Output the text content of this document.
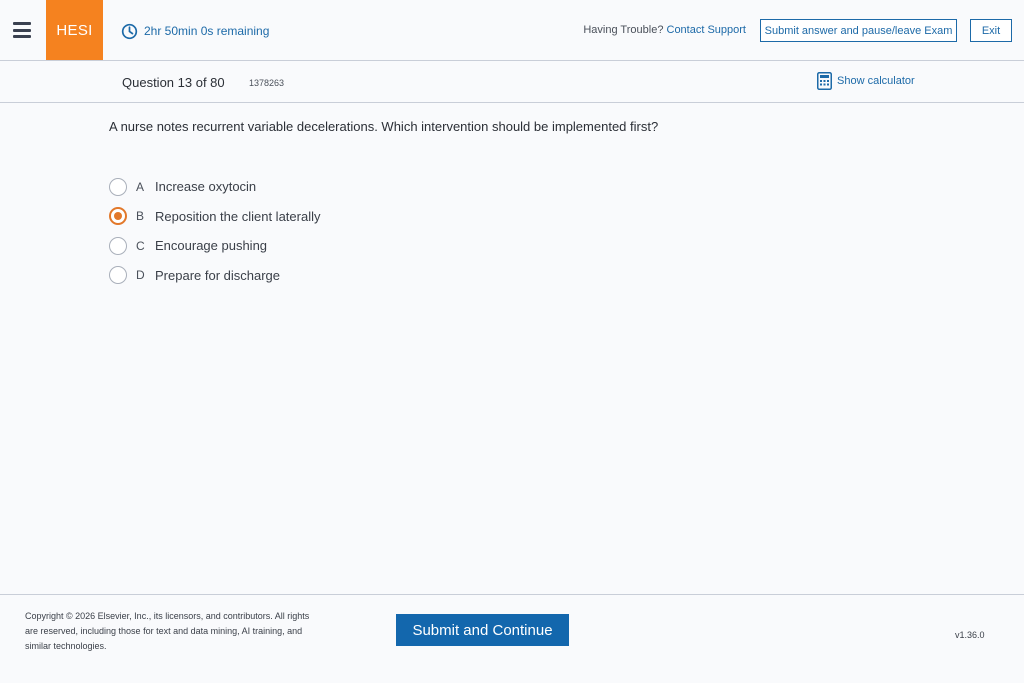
HESI	2hr 50min 0s remaining	Having Trouble? Contact Support	Submit answer and pause/leave Exam	Exit
Question 13 of 80	1378263	Show calculator
A nurse notes recurrent variable decelerations. Which intervention should be implemented first?
A Increase oxytocin
B Reposition the client laterally
C Encourage pushing
D Prepare for discharge
Copyright © 2026 Elsevier, Inc., its licensors, and contributors. All rights are reserved, including those for text and data mining, AI training, and similar technologies.
Submit and Continue	v1.36.0
